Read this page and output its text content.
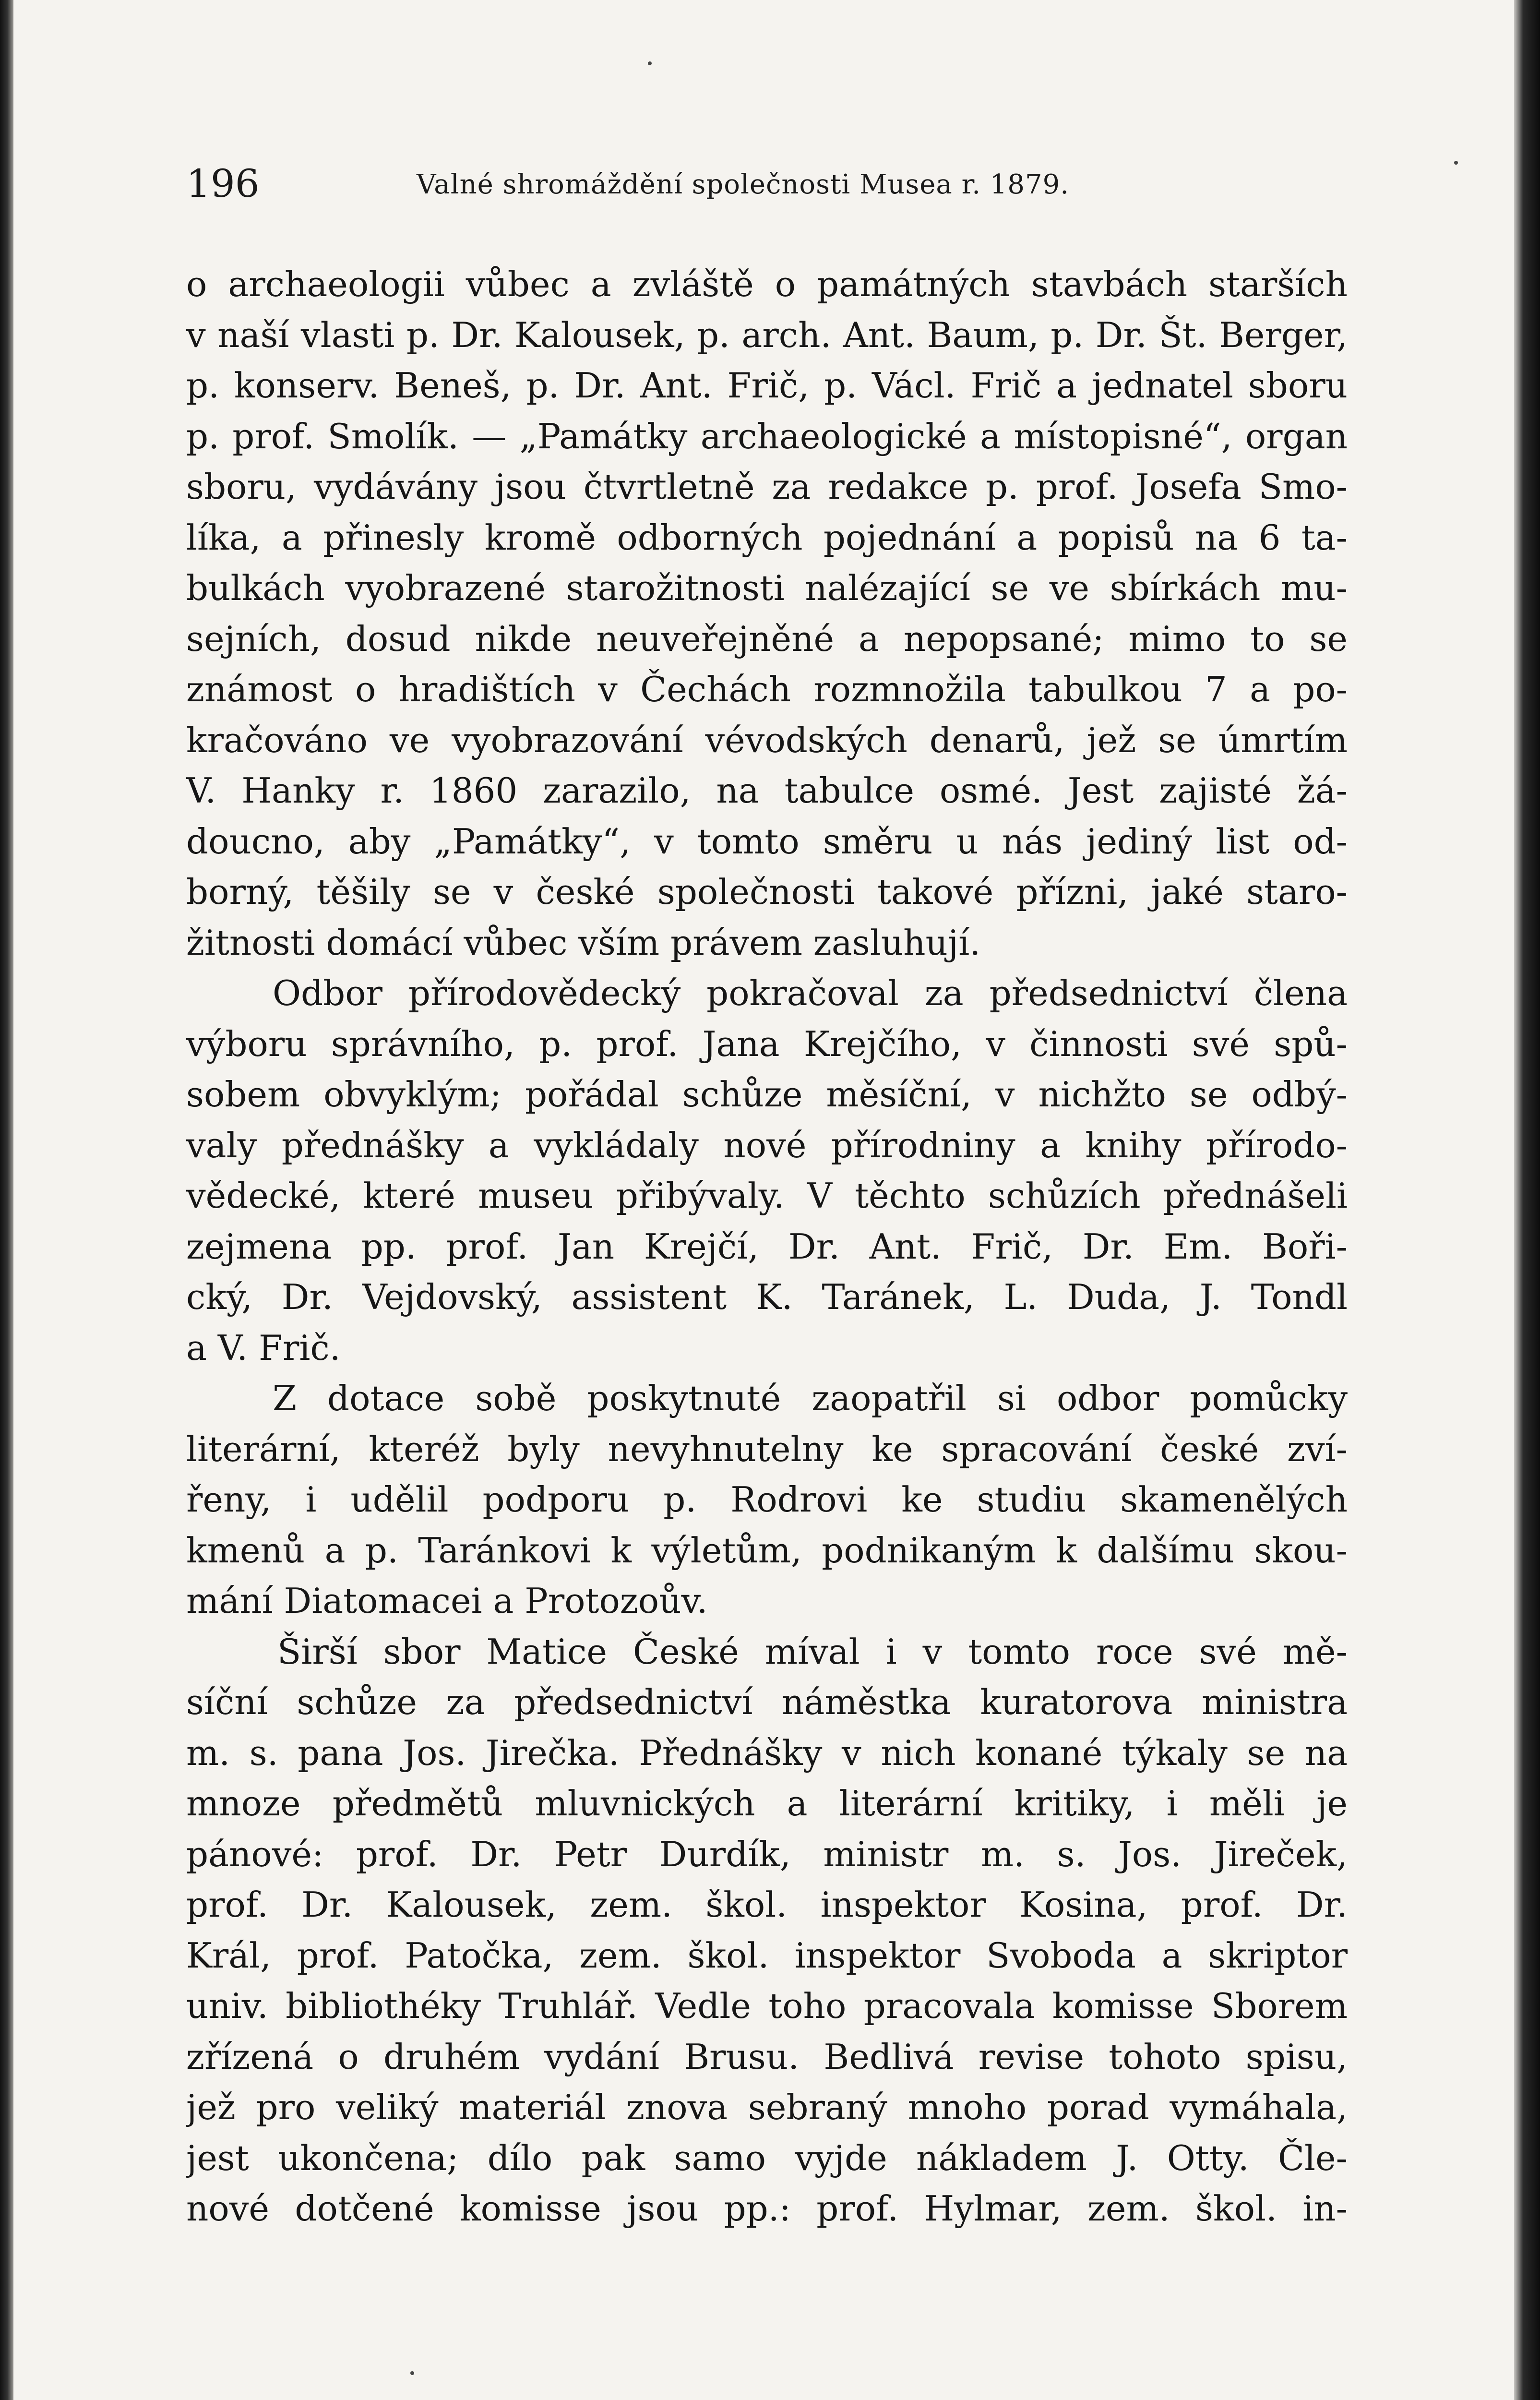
196	Valné shromáždění společnosti Musea r. 1879.
o archaeologii vůbec a zvláště o památných stavbách starších
v naší vlasti p. Dr. Kalousek, p. arch. Ant. Baum, p. Dr. Št. Berger,
p. konserv. Beneš, p. Dr. Ant. Frič, p. Václ. Frič a jednatel sboru
p. prof. Smolík. — „Památky archaeologické a místopisné“, organ
sboru, vydávány jsou čtvrtletně za redakce p. prof. Josefa Smo-
líka, a přinesly kromě odborných pojednání a popisů na 6 ta-
bulkách vyobrazené starožitnosti nalézající se ve sbírkách mu-
sejních, dosud nikde neuveřejněné a nepopsané; mimo to se
známost o hradištích v Čechách rozmnožila tabulkou 7 a po-
kračováno ve vyobrazování vévodských denarů, jež se úmrtím
V. Hanky r. 1860 zarazilo, na tabulce osmé. Jest zajisté žá-
doucno, aby „Památky“, v tomto směru u nás jediný list od-
borný, těšily se v české společnosti takové přízni, jaké staro-
žitnosti domácí vůbec vším právem zasluhují.
Odbor přírodovědecký pokračoval za předsednictví člena
výboru správního, p. prof. Jana Krejčího, v činnosti své spů-
sobem obvyklým; pořádal schůze měsíční, v nichžto se odbý-
valy přednášky a vykládaly nové přírodniny a knihy přírodo-
vědecké, které museu přibývaly. V těchto schůzích přednášeli
zejmena pp. prof. Jan Krejčí, Dr. Ant. Frič, Dr. Em. Boři-
cký, Dr. Vejdovský, assistent K. Taránek, L. Duda, J. Tondl
a V. Frič.
Z dotace sobě poskytnuté zaopatřil si odbor pomůcky
literární, kteréž byly nevyhnutelny ke spracování české zví-
řeny, i udělil podporu p. Rodrovi ke studiu skamenělých
kmenů a p. Taránkovi k výletům, podnikaným k dalšímu skou-
mání Diatomacei a Protozoův.
Širší sbor Matice České míval i v tomto roce své mě-
síční schůze za předsednictví náměstka kuratorova ministra
m. s. pana Jos. Jirečka. Přednášky v nich konané týkaly se na
mnoze předmětů mluvnických a literární kritiky, i měli je
pánové: prof. Dr. Petr Durdík, ministr m. s. Jos. Jireček,
prof. Dr. Kalousek, zem. škol. inspektor Kosina, prof. Dr.
Král, prof. Patočka, zem. škol. inspektor Svoboda a skriptor
univ. bibliothéky Truhlář. Vedle toho pracovala komisse Sborem
zřízená o druhém vydání Brusu. Bedlivá revise tohoto spisu,
jež pro veliký materiál znova sebraný mnoho porad vymáhala,
jest ukončena; dílo pak samo vyjde nákladem J. Otty. Čle-
nové dotčené komisse jsou pp.: prof. Hylmar, zem. škol. in-
